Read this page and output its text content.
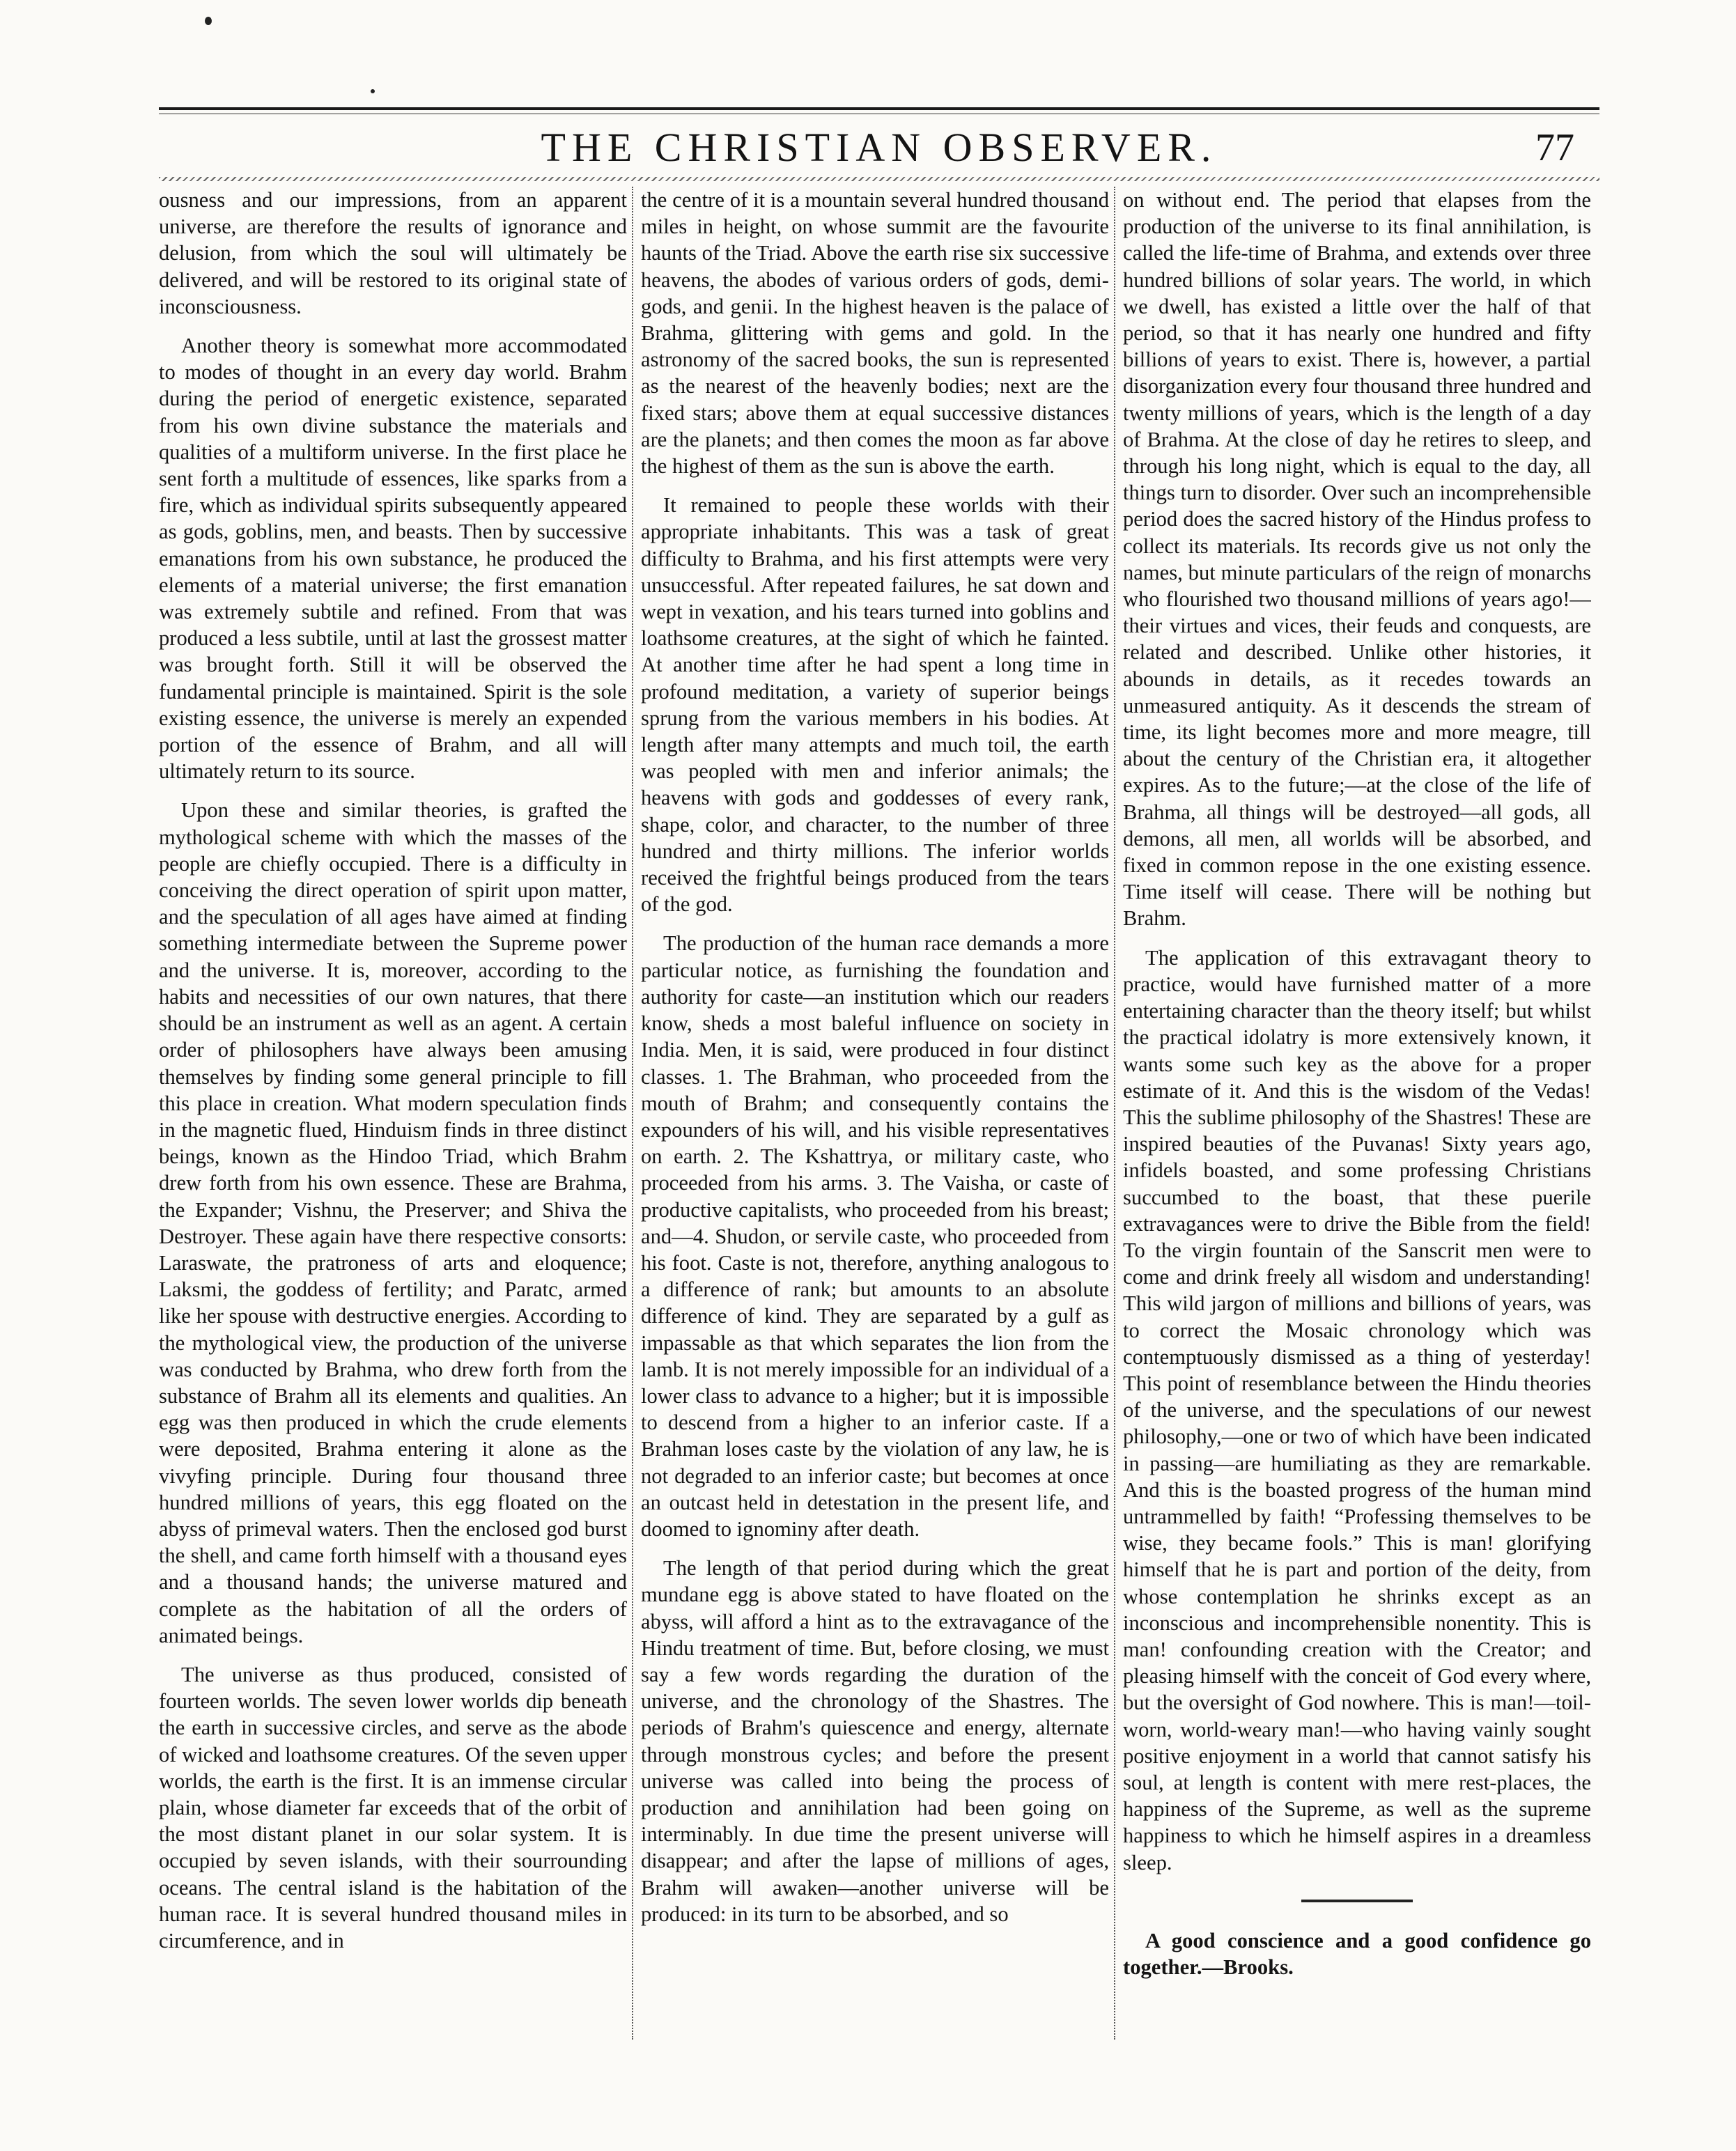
THE CHRISTIAN OBSERVER.	77

ousness and our impressions, from an apparent universe, are therefore the results of ignorance and delusion, from which the soul will ultimately be delivered, and will be restored to its original state of inconsciousness.

Another theory is somewhat more accommodated to modes of thought in an every day world. Brahm during the period of energetic existence, separated from his own divine substance the materials and qualities of a multiform universe. In the first place he sent forth a multitude of essences, like sparks from a fire, which as individual spirits subsequently appeared as gods, goblins, men, and beasts. Then by successive emanations from his own substance, he produced the elements of a material universe; the first emanation was extremely subtile and refined. From that was produced a less subtile, until at last the grossest matter was brought forth. Still it will be observed the fundamental principle is maintained. Spirit is the sole existing essence, the universe is merely an expended portion of the essence of Brahm, and all will ultimately return to its source.

Upon these and similar theories, is grafted the mythological scheme with which the masses of the people are chiefly occupied. There is a difficulty in conceiving the direct operation of spirit upon matter, and the speculation of all ages have aimed at finding something intermediate between the Supreme power and the universe. It is, moreover, according to the habits and necessities of our own natures, that there should be an instrument as well as an agent. A certain order of philosophers have always been amusing themselves by finding some general principle to fill this place in creation. What modern speculation finds in the magnetic flued, Hinduism finds in three distinct beings, known as the Hindoo Triad, which Brahm drew forth from his own essence. These are Brahma, the Expander; Vishnu, the Preserver; and Shiva the Destroyer. These again have there respective consorts: Laraswate, the pratroness of arts and eloquence; Laksmi, the goddess of fertility; and Paratc, armed like her spouse with destructive energies. According to the mythological view, the production of the universe was conducted by Brahma, who drew forth from the substance of Brahm all its elements and qualities. An egg was then produced in which the crude elements were deposited, Brahma entering it alone as the vivyfing principle. During four thousand three hundred millions of years, this egg floated on the abyss of primeval waters. Then the enclosed god burst the shell, and came forth himself with a thousand eyes and a thousand hands; the universe matured and complete as the habitation of all the orders of animated beings.

The universe as thus produced, consisted of fourteen worlds. The seven lower worlds dip beneath the earth in successive circles, and serve as the abode of wicked and loathsome creatures. Of the seven upper worlds, the earth is the first. It is an immense circular plain, whose diameter far exceeds that of the orbit of the most distant planet in our solar system. It is occupied by seven islands, with their sourrounding oceans. The central island is the habitation of the human race. It is several hundred thousand miles in circumference, and in

the centre of it is a mountain several hundred thousand miles in height, on whose summit are the favourite haunts of the Triad. Above the earth rise six successive heavens, the abodes of various orders of gods, demi-gods, and genii. In the highest heaven is the palace of Brahma, glittering with gems and gold. In the astronomy of the sacred books, the sun is represented as the nearest of the heavenly bodies; next are the fixed stars; above them at equal successive distances are the planets; and then comes the moon as far above the highest of them as the sun is above the earth.

It remained to people these worlds with their appropriate inhabitants. This was a task of great difficulty to Brahma, and his first attempts were very unsuccessful. After repeated failures, he sat down and wept in vexation, and his tears turned into goblins and loathsome creatures, at the sight of which he fainted. At another time after he had spent a long time in profound meditation, a variety of superior beings sprung from the various members in his bodies. At length after many attempts and much toil, the earth was peopled with men and inferior animals; the heavens with gods and goddesses of every rank, shape, color, and character, to the number of three hundred and thirty millions. The inferior worlds received the frightful beings produced from the tears of the god.

The production of the human race demands a more particular notice, as furnishing the foundation and authority for caste—an institution which our readers know, sheds a most baleful influence on society in India. Men, it is said, were produced in four distinct classes. 1. The Brahman, who proceeded from the mouth of Brahm; and consequently contains the expounders of his will, and his visible representatives on earth. 2. The Kshattrya, or military caste, who proceeded from his arms. 3. The Vaisha, or caste of productive capitalists, who proceeded from his breast; and—4. Shudon, or servile caste, who proceeded from his foot. Caste is not, therefore, anything analogous to a difference of rank; but amounts to an absolute difference of kind. They are separated by a gulf as impassable as that which separates the lion from the lamb. It is not merely impossible for an individual of a lower class to advance to a higher; but it is impossible to descend from a higher to an inferior caste. If a Brahman loses caste by the violation of any law, he is not degraded to an inferior caste; but becomes at once an outcast held in detestation in the present life, and doomed to ignominy after death.

The length of that period during which the great mundane egg is above stated to have floated on the abyss, will afford a hint as to the extravagance of the Hindu treatment of time. But, before closing, we must say a few words regarding the duration of the universe, and the chronology of the Shastres. The periods of Brahm's quiescence and energy, alternate through monstrous cycles; and before the present universe was called into being the process of production and annihilation had been going on interminably. In due time the present universe will disappear; and after the lapse of millions of ages, Brahm will awaken—another universe will be produced: in its turn to be absorbed, and so

on without end. The period that elapses from the production of the universe to its final annihilation, is called the life-time of Brahma, and extends over three hundred billions of solar years. The world, in which we dwell, has existed a little over the half of that period, so that it has nearly one hundred and fifty billions of years to exist. There is, however, a partial disorganization every four thousand three hundred and twenty millions of years, which is the length of a day of Brahma. At the close of day he retires to sleep, and through his long night, which is equal to the day, all things turn to disorder. Over such an incomprehensible period does the sacred history of the Hindus profess to collect its materials. Its records give us not only the names, but minute particulars of the reign of monarchs who flourished two thousand millions of years ago!—their virtues and vices, their feuds and conquests, are related and described. Unlike other histories, it abounds in details, as it recedes towards an unmeasured antiquity. As it descends the stream of time, its light becomes more and more meagre, till about the century of the Christian era, it altogether expires. As to the future;—at the close of the life of Brahma, all things will be destroyed—all gods, all demons, all men, all worlds will be absorbed, and fixed in common repose in the one existing essence. Time itself will cease. There will be nothing but Brahm.

The application of this extravagant theory to practice, would have furnished matter of a more entertaining character than the theory itself; but whilst the practical idolatry is more extensively known, it wants some such key as the above for a proper estimate of it. And this is the wisdom of the Vedas! This the sublime philosophy of the Shastres! These are inspired beauties of the Puvanas! Sixty years ago, infidels boasted, and some professing Christians succumbed to the boast, that these puerile extravagances were to drive the Bible from the field! To the virgin fountain of the Sanscrit men were to come and drink freely all wisdom and understanding! This wild jargon of millions and billions of years, was to correct the Mosaic chronology which was contemptuously dismissed as a thing of yesterday! This point of resemblance between the Hindu theories of the universe, and the speculations of our newest philosophy,—one or two of which have been indicated in passing—are humiliating as they are remarkable. And this is the boasted progress of the human mind untrammelled by faith! “Professing themselves to be wise, they became fools.” This is man! glorifying himself that he is part and portion of the deity, from whose contemplation he shrinks except as an inconscious and incomprehensible nonentity. This is man! confounding creation with the Creator; and pleasing himself with the conceit of God every where, but the oversight of God nowhere. This is man!—toil-worn, world-weary man!—who having vainly sought positive enjoyment in a world that cannot satisfy his soul, at length is content with mere rest-places, the happiness of the Supreme, as well as the supreme happiness to which he himself aspires in a dreamless sleep.

A good conscience and a good confidence go together.—Brooks.
